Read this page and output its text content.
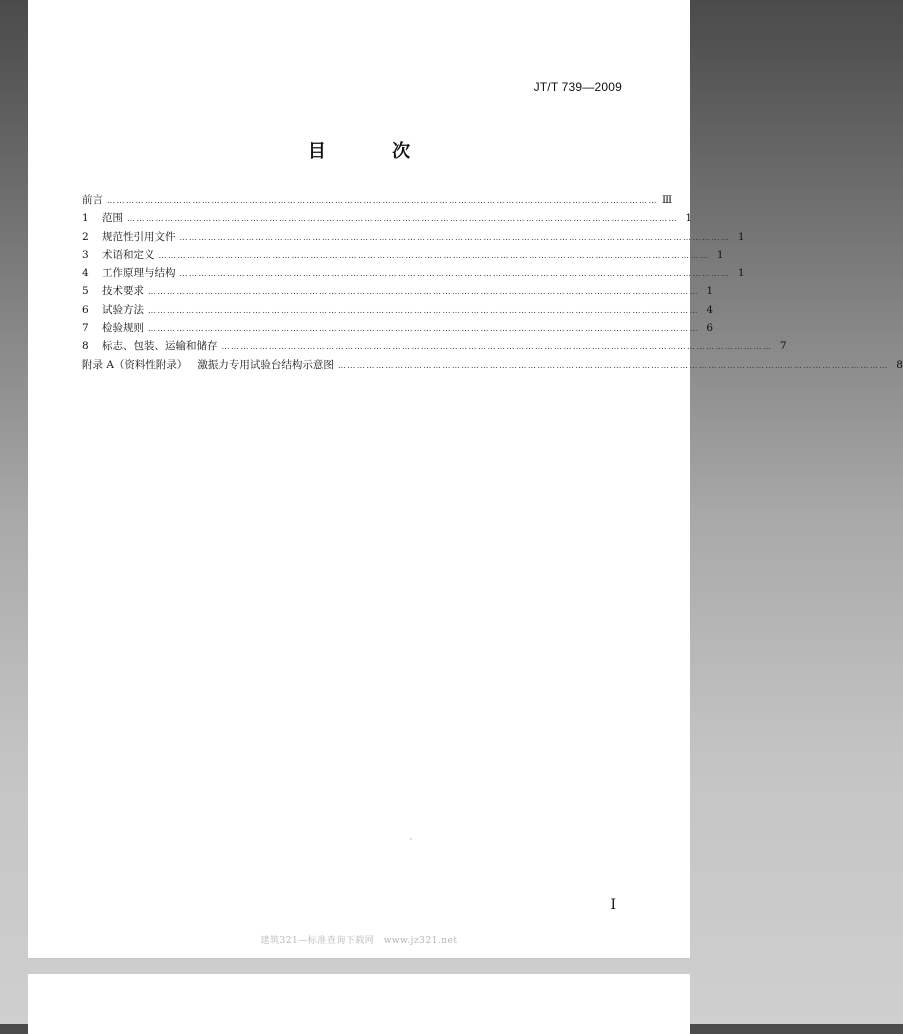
JT/T 739—2009
目 次
前言 ………………………………………………………………………………………………………………………………………………………… Ⅲ
1	范围 ………………………………………………………………………………………………………………………………………………………… 1
2	规范性引用文件 ………………………………………………………………………………………………………………………………………………………… 1
3	术语和定义 ………………………………………………………………………………………………………………………………………………………… 1
4	工作原理与结构 ………………………………………………………………………………………………………………………………………………………… 1
5	技术要求 ………………………………………………………………………………………………………………………………………………………… 1
6	试验方法 ………………………………………………………………………………………………………………………………………………………… 4
7	检验规则 ………………………………………………………………………………………………………………………………………………………… 6
8	标志、包装、运输和储存 ………………………………………………………………………………………………………………………………………………………… 7
附录 A（资料性附录） 激振力专用试验台结构示意图 ………………………………………………………………………………………………………………………………………………………… 8
I
建筑321—标准查询下载网　www.jz321.net
